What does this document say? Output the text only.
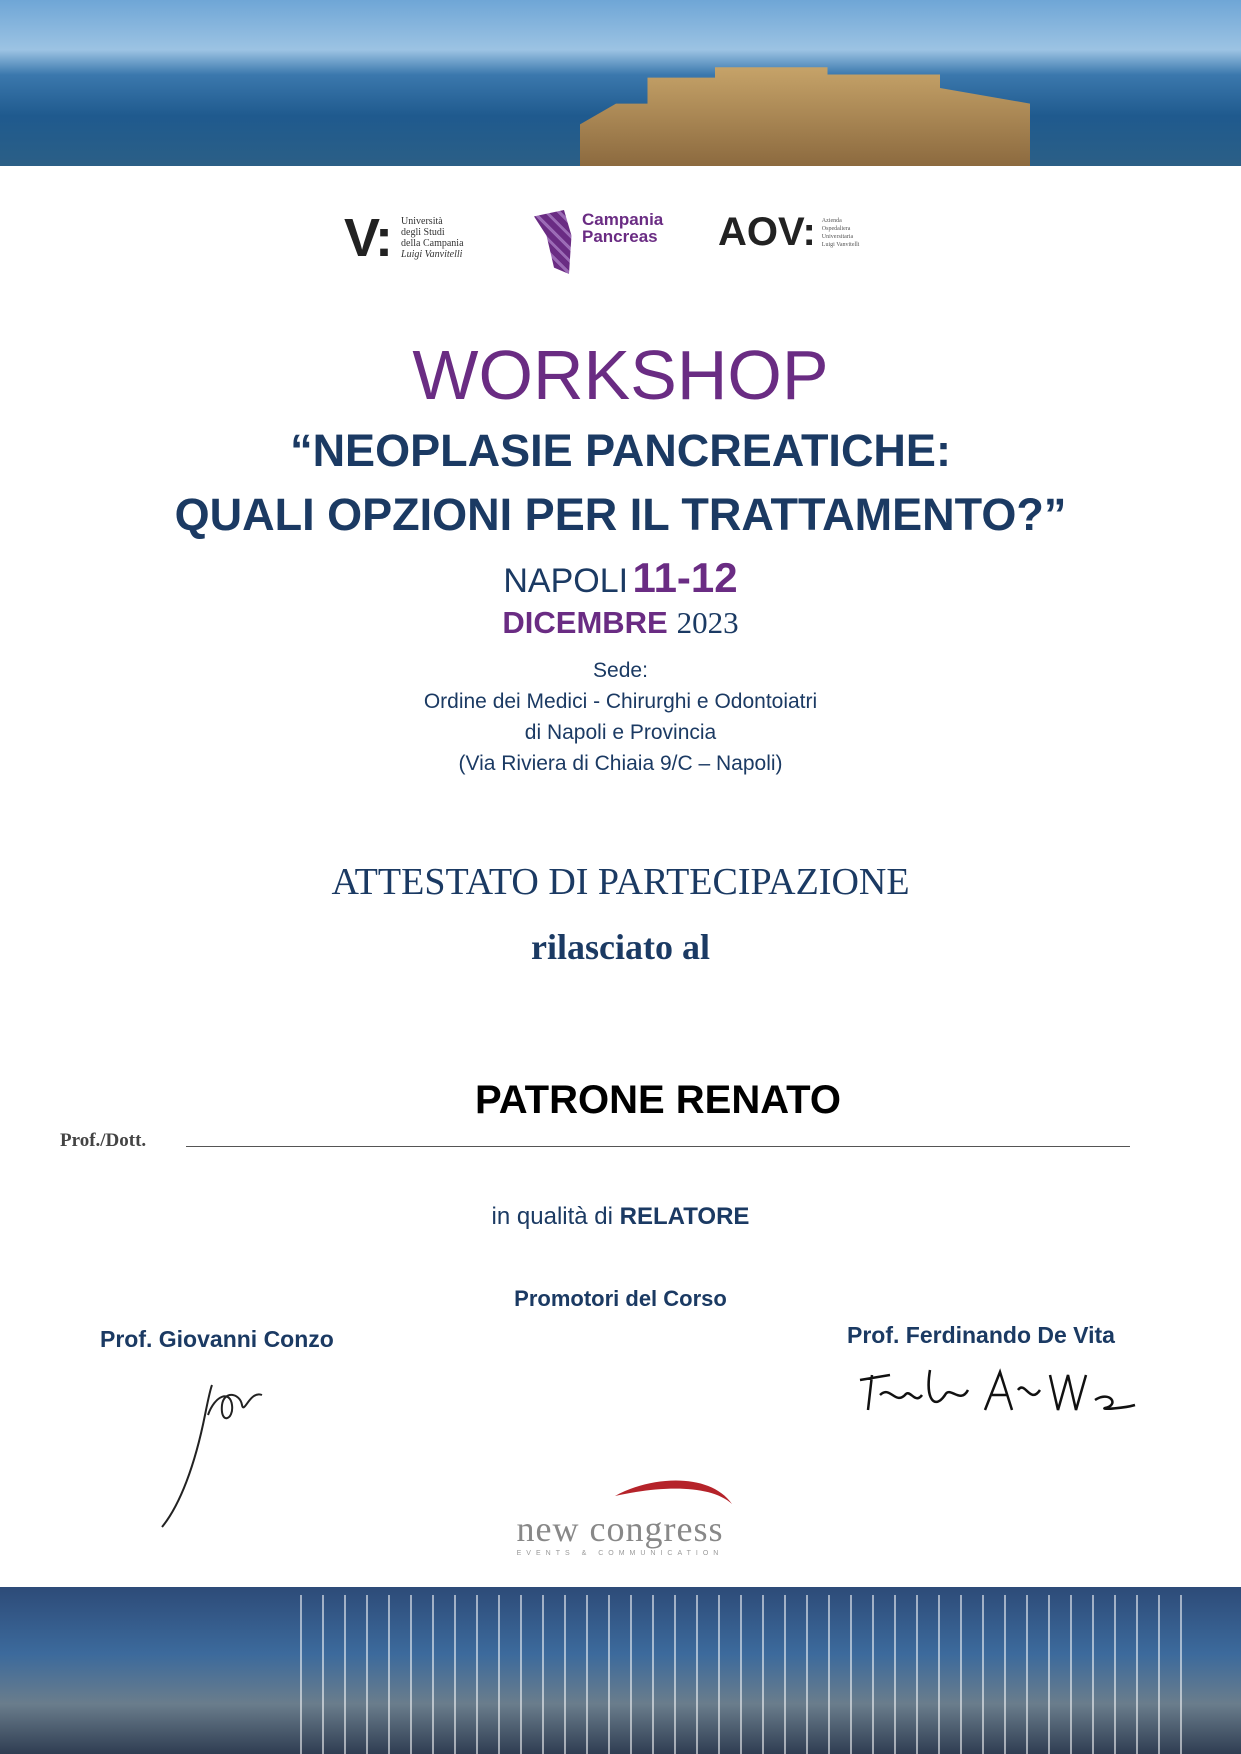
V: Università
degli Studi
della Campania
Luigi Vanvitelli
Campania
Pancreas AOV: Azienda
Ospedaliera
Universitaria
Luigi Vanvitelli
WORKSHOP
“NEOPLASIE PANCREATICHE:
QUALI OPZIONI PER IL TRATTAMENTO?”
NAPOLI 11-12
DICEMBRE 2023
Sede:
Ordine dei Medici - Chirurghi e Odontoiatri
di Napoli e Provincia
(Via Riviera di Chiaia 9/C – Napoli)
ATTESTATO DI PARTECIPAZIONE
rilasciato al
PATRONE RENATO
Prof./Dott.
in qualità di RELATORE
Promotori del Corso
Prof. Giovanni Conzo	Prof. Ferdinando De Vita
new congress
EVENTS & COMMUNICATION
